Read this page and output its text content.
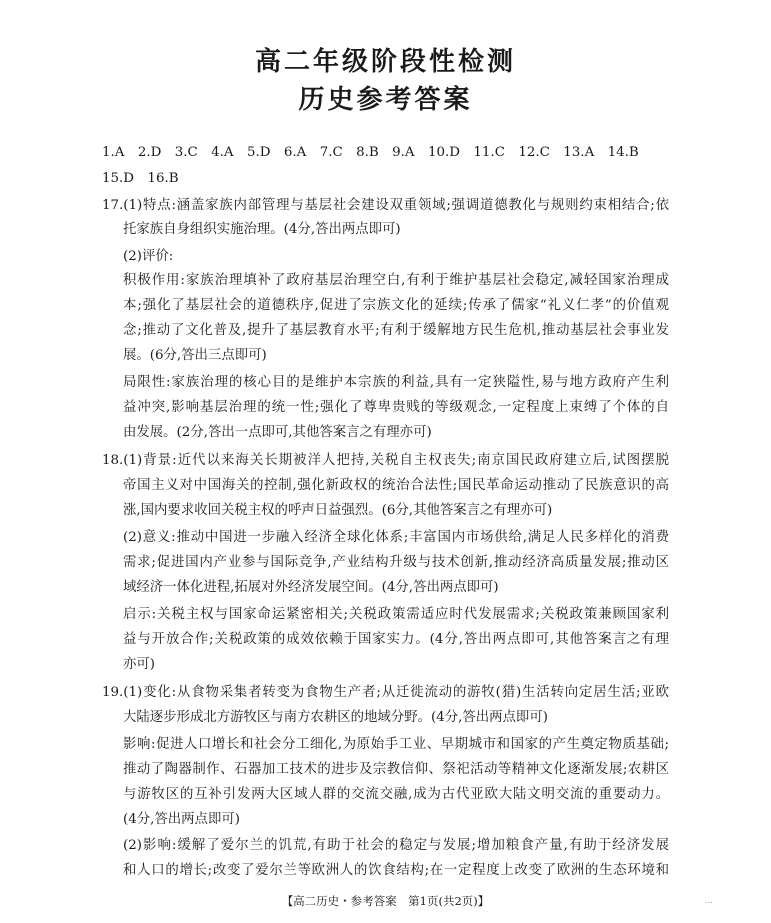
高二年级阶段性检测
历史参考答案
1.A　2.D　3.C　4.A　5.D　6.A　7.C　8.B　9.A　10.D　11.C　12.C　13.A　14.B
15.D　16.B
17.(1)特点:涵盖家族内部管理与基层社会建设双重领域;强调道德教化与规则约束相结合;依
托家族自身组织实施治理。(4分,答出两点即可)
(2)评价:
积极作用:家族治理填补了政府基层治理空白,有利于维护基层社会稳定,减轻国家治理成
本;强化了基层社会的道德秩序,促进了宗族文化的延续;传承了儒家“礼义仁孝”的价值观
念;推动了文化普及,提升了基层教育水平;有利于缓解地方民生危机,推动基层社会事业发
展。(6分,答出三点即可)
局限性:家族治理的核心目的是维护本宗族的利益,具有一定狭隘性,易与地方政府产生利
益冲突,影响基层治理的统一性;强化了尊卑贵贱的等级观念,一定程度上束缚了个体的自
由发展。(2分,答出一点即可,其他答案言之有理亦可)
18.(1)背景:近代以来海关长期被洋人把持,关税自主权丧失;南京国民政府建立后,试图摆脱
帝国主义对中国海关的控制,强化新政权的统治合法性;国民革命运动推动了民族意识的高
涨,国内要求收回关税主权的呼声日益强烈。(6分,其他答案言之有理亦可)
(2)意义:推动中国进一步融入经济全球化体系;丰富国内市场供给,满足人民多样化的消费
需求;促进国内产业参与国际竞争,产业结构升级与技术创新,推动经济高质量发展;推动区
域经济一体化进程,拓展对外经济发展空间。(4分,答出两点即可)
启示:关税主权与国家命运紧密相关;关税政策需适应时代发展需求;关税政策兼顾国家利
益与开放合作;关税政策的成效依赖于国家实力。(4分,答出两点即可,其他答案言之有理
亦可)
19.(1)变化:从食物采集者转变为食物生产者;从迁徙流动的游牧(猎)生活转向定居生活;亚欧
大陆逐步形成北方游牧区与南方农耕区的地域分野。(4分,答出两点即可)
影响:促进人口增长和社会分工细化,为原始手工业、早期城市和国家的产生奠定物质基础;
推动了陶器制作、石器加工技术的进步及宗教信仰、祭祀活动等精神文化逐渐发展;农耕区
与游牧区的互补引发两大区域人群的交流交融,成为古代亚欧大陆文明交流的重要动力。
(4分,答出两点即可)
(2)影响:缓解了爱尔兰的饥荒,有助于社会的稳定与发展;增加粮食产量,有助于经济发展
和人口的增长;改变了爱尔兰等欧洲人的饮食结构;在一定程度上改变了欧洲的生态环境和
【高二历史・参考答案　第1页(共2页)】	...
